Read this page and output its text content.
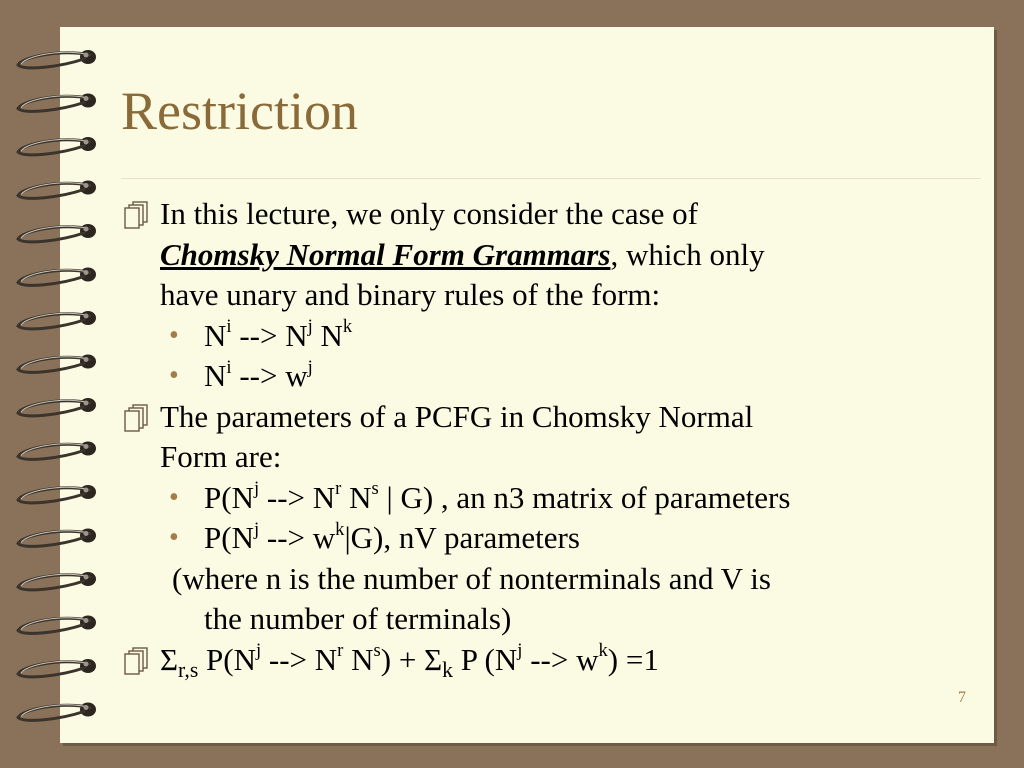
Restriction
In this lecture, we only consider the case of
Chomsky Normal Form Grammars, which only
have unary and binary rules of the form:
• $N^i$ --> $N^j$ $N^k$
• $N^i$ --> $w^j$
The parameters of a PCFG in Chomsky Normal
Form are:
• $P(N^j$ --> $N^r$ $N^s$ | G) , an n3 matrix of parameters
• $P(N^j$ --> $w^k|G$), nV parameters
(where n is the number of nonterminals and V is
the number of terminals)
$\Sigma_{r,s}$ $P(N^j$ --> $N^r$ $N^s) + \Sigma_k$ P ($N^j$ --> $w^k) =1$
7
